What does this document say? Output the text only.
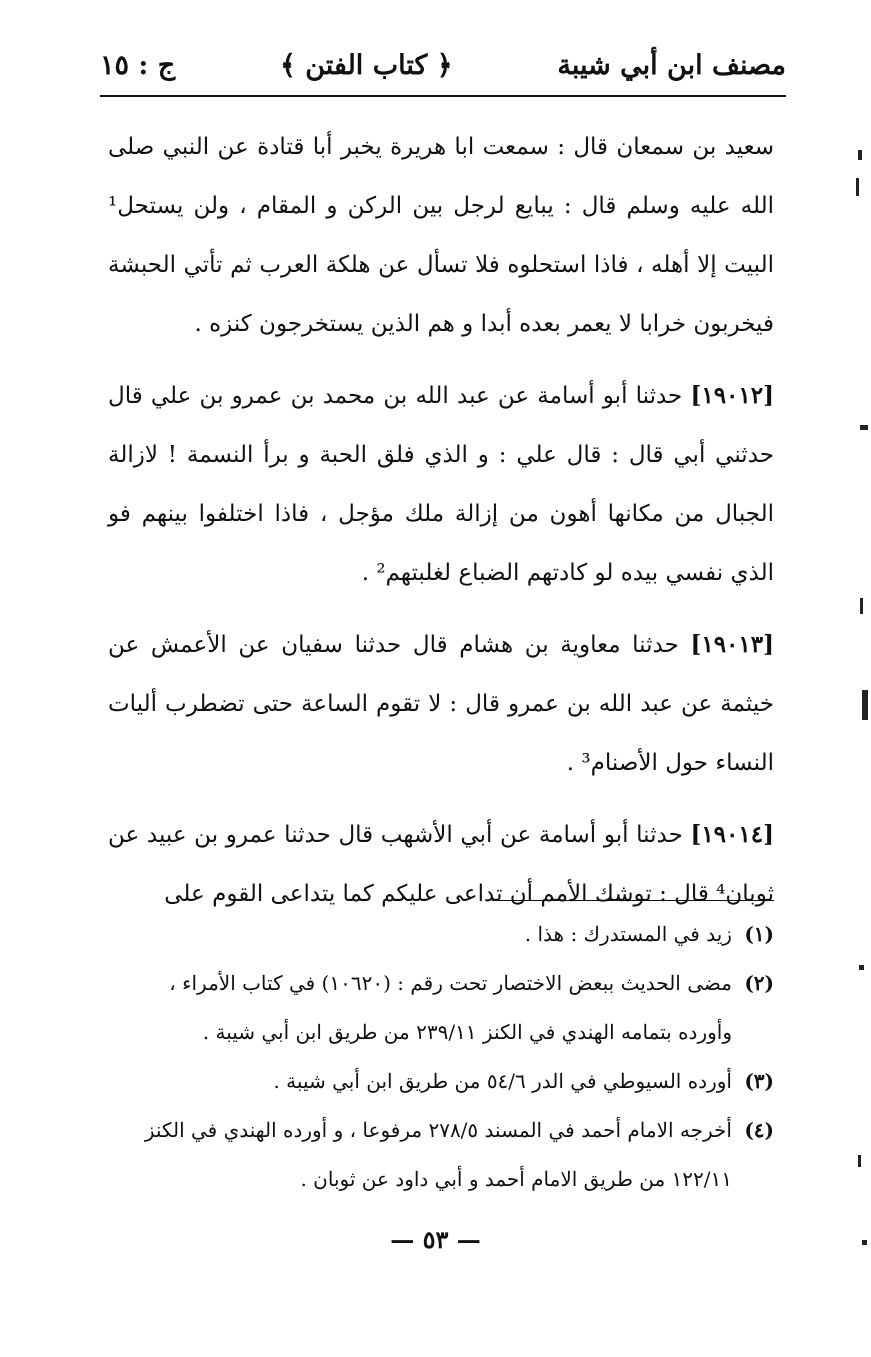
مصنف ابن أبي شيبة
﴿ كتاب الفتن ﴾
ج : ١٥

سعيد بن سمعان قال : سمعت ابا هريرة يخبر أبا قتادة عن النبي صلى الله عليه وسلم قال : يبايع لرجل بين الركن و المقام ، ولن يستحل¹ البيت إلا أهله ، فاذا استحلوه فلا تسأل عن هلكة العرب ثم تأتي الحبشة فيخربون خرابا لا يعمر بعده أبدا و هم الذين يستخرجون كنزه .

[١٩٠١٢] حدثنا أبو أسامة عن عبد الله بن محمد بن عمرو بن علي قال حدثني أبي قال : قال علي : و الذي فلق الحبة و برأ النسمة ! لازالة الجبال من مكانها أهون من إزالة ملك مؤجل ، فاذا اختلفوا بينهم فو الذي نفسي بيده لو كادتهم الضباع لغلبتهم² .

[١٩٠١٣] حدثنا معاوية بن هشام قال حدثنا سفيان عن الأعمش عن خيثمة عن عبد الله بن عمرو قال : لا تقوم الساعة حتى تضطرب أليات النساء حول الأصنام³ .

[١٩٠١٤] حدثنا أبو أسامة عن أبي الأشهب قال حدثنا عمرو بن عبيد عن ثوبان⁴ قال : توشك الأمم أن تداعى عليكم كما يتداعى القوم على

(١) زيد في المستدرك : هذا .

(٢) مضى الحديث ببعض الاختصار تحت رقم : (١٠٦٢٠) في كتاب الأمراء ،

وأورده بتمامه الهندي في الكنز ٢٣٩/١١ من طريق ابن أبي شيبة .

(٣) أورده السيوطي في الدر ٥٤/٦ من طريق ابن أبي شيبة .

(٤) أخرجه الامام أحمد في المسند ٢٧٨/٥ مرفوعا ، و أورده الهندي في الكنز

١٢٢/١١ من طريق الامام أحمد و أبي داود عن ثوبان .

— ٥٣ —
